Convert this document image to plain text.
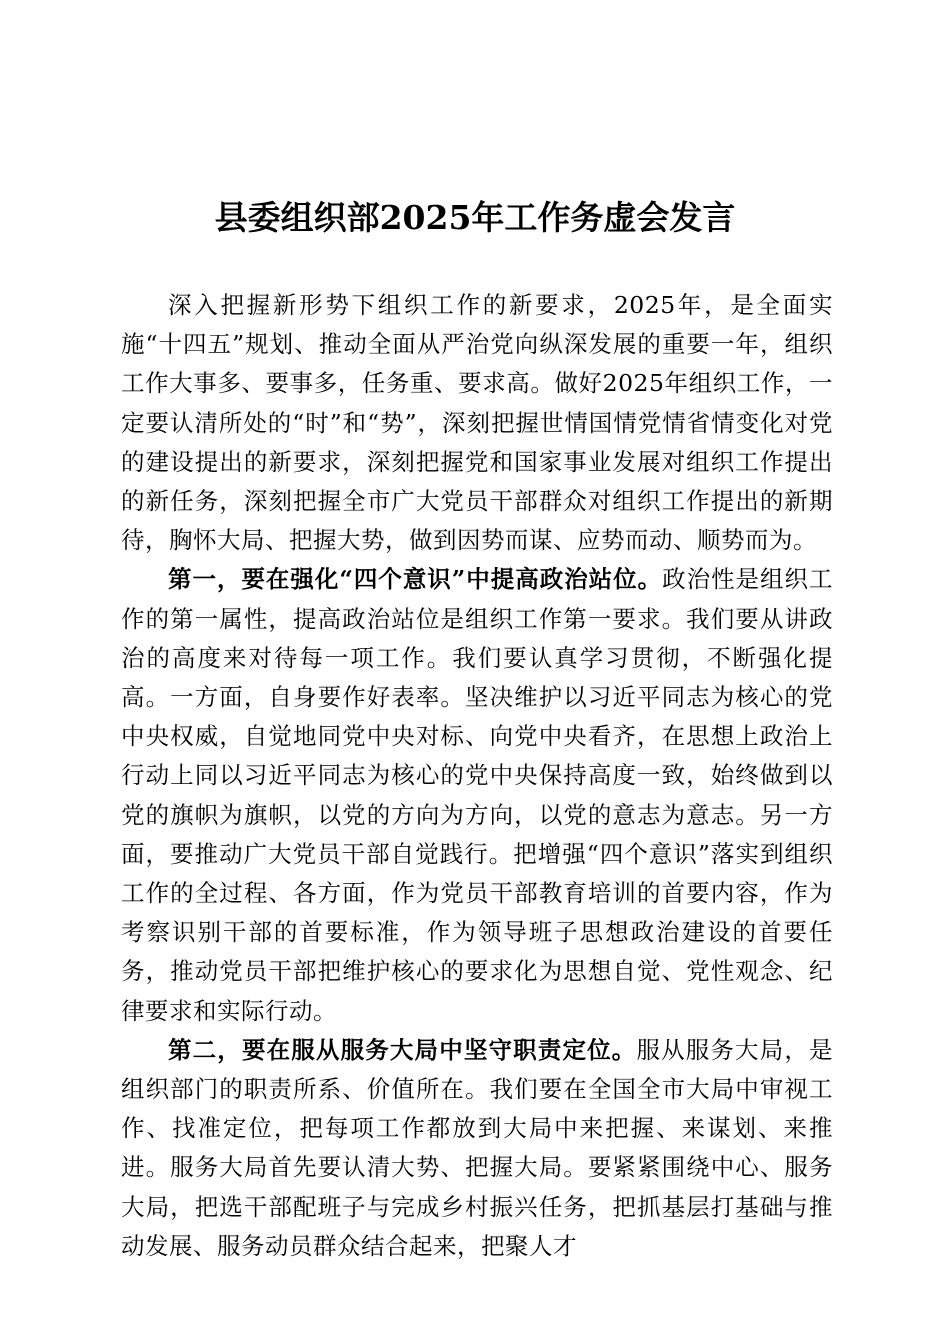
县委组织部2025年工作务虚会发言

深入把握新形势下组织工作的新要求，2025年，是全面实施“十四五”规划、推动全面从严治党向纵深发展的重要一年，组织工作大事多、要事多，任务重、要求高。做好2025年组织工作，一定要认清所处的“时”和“势”，深刻把握世情国情党情省情变化对党的建设提出的新要求，深刻把握党和国家事业发展对组织工作提出的新任务，深刻把握全市广大党员干部群众对组织工作提出的新期待，胸怀大局、把握大势，做到因势而谋、应势而动、顺势而为。

第一，要在强化“四个意识”中提高政治站位。政治性是组织工作的第一属性，提高政治站位是组织工作第一要求。我们要从讲政治的高度来对待每一项工作。我们要认真学习贯彻，不断强化提高。一方面，自身要作好表率。坚决维护以习近平同志为核心的党中央权威，自觉地同党中央对标、向党中央看齐，在思想上政治上行动上同以习近平同志为核心的党中央保持高度一致，始终做到以党的旗帜为旗帜，以党的方向为方向，以党的意志为意志。另一方面，要推动广大党员干部自觉践行。把增强“四个意识”落实到组织工作的全过程、各方面，作为党员干部教育培训的首要内容，作为考察识别干部的首要标准，作为领导班子思想政治建设的首要任务，推动党员干部把维护核心的要求化为思想自觉、党性观念、纪律要求和实际行动。

第二，要在服从服务大局中坚守职责定位。服从服务大局，是组织部门的职责所系、价值所在。我们要在全国全市大局中审视工作、找准定位，把每项工作都放到大局中来把握、来谋划、来推进。服务大局首先要认清大势、把握大局。要紧紧围绕中心、服务大局，把选干部配班子与完成乡村振兴任务，把抓基层打基础与推动发展、服务动员群众结合起来，把聚人才
